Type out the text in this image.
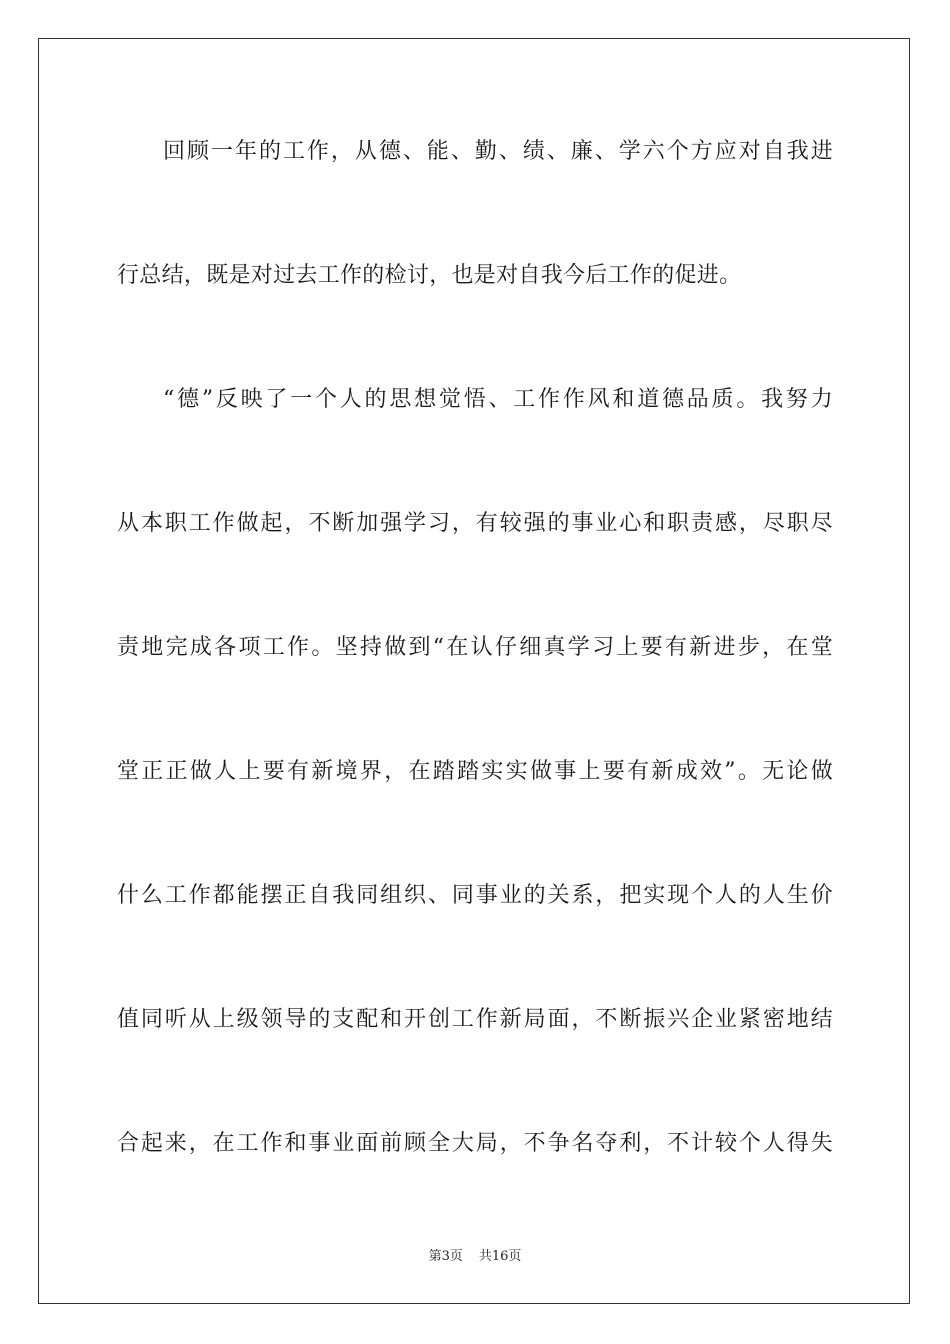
回顾一年的工作，从德、能、勤、绩、廉、学六个方应对自我进
行总结，既是对过去工作的检讨，也是对自我今后工作的促进。
“德”反映了一个人的思想觉悟、工作作风和道德品质。我努力
从本职工作做起，不断加强学习，有较强的事业心和职责感，尽职尽
责地完成各项工作。坚持做到“在认仔细真学习上要有新进步，在堂
堂正正做人上要有新境界，在踏踏实实做事上要有新成效”。无论做
什么工作都能摆正自我同组织、同事业的关系，把实现个人的人生价
值同听从上级领导的支配和开创工作新局面，不断振兴企业紧密地结
合起来，在工作和事业面前顾全大局，不争名夺利，不计较个人得失
第3页 共16页
